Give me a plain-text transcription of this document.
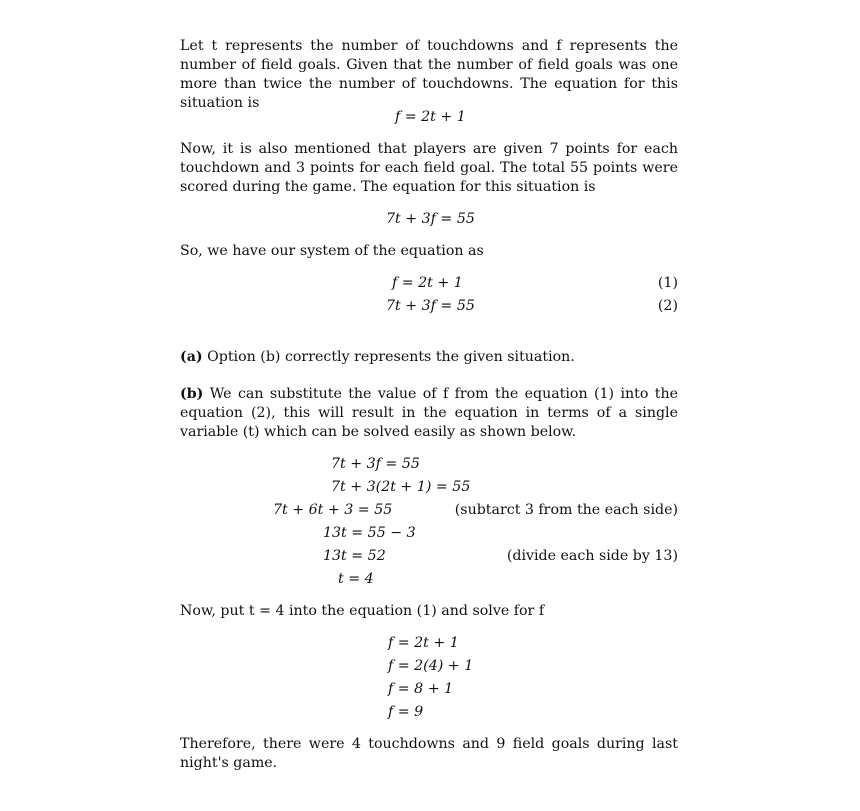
Let t represents the number of touchdowns and f represents the number of field goals. Given that the number of field goals was one more than twice the number of touchdowns. The equation for this situation is

f = 2t + 1

Now, it is also mentioned that players are given 7 points for each touchdown and 3 points for each field goal. The total 55 points were scored during the game. The equation for this situation is

7t + 3f = 55

So, we have our system of the equation as

f = 2t + 1	(1)
7t + 3f = 55	(2)

(a) Option (b) correctly represents the given situation.

(b) We can substitute the value of f from the equation (1) into the equation (2), this will result in the equation in terms of a single variable (t) which can be solved easily as shown below.

7t + 3f = 55
7t + 3(2t + 1) = 55
7t + 6t + 3 = 55	(subtarct 3 from the each side)
13t = 55 − 3
13t = 52	(divide each side by 13)
t = 4

Now, put t = 4 into the equation (1) and solve for f

f = 2t + 1
f = 2(4) + 1
f = 8 + 1
f = 9

Therefore, there were 4 touchdowns and 9 field goals during last night's game.
